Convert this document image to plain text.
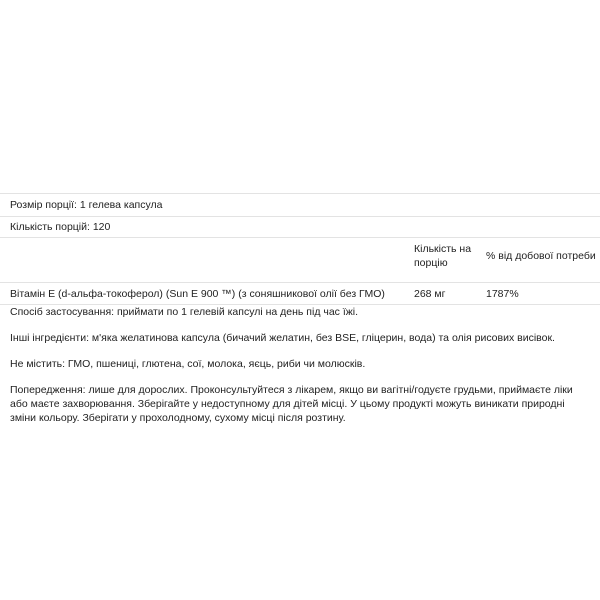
Розмір порції: 1 гелева капсула
Кількість порцій: 120
Кількість на порцію
% від добової потреби
Вітамін E (d-альфа-токоферол) (Sun E 900 ™) (з соняшникової олії без ГМО)	268 мг	1787%

Спосіб застосування: приймати по 1 гелевій капсулі на день під час їжі.

Інші інгредієнти: м'яка желатинова капсула (бичачий желатин, без BSE, гліцерин, вода) та олія рисових висівок.

Не містить: ГМО, пшениці, глютена, сої, молока, яєць, риби чи молюсків.

Попередження: лише для дорослих. Проконсультуйтеся з лікарем, якщо ви вагітні/годуєте грудьми, приймаєте ліки або маєте захворювання. Зберігайте у недоступному для дітей місці. У цьому продукті можуть виникати природні зміни кольору. Зберігати у прохолодному, сухому місці після розтину.
